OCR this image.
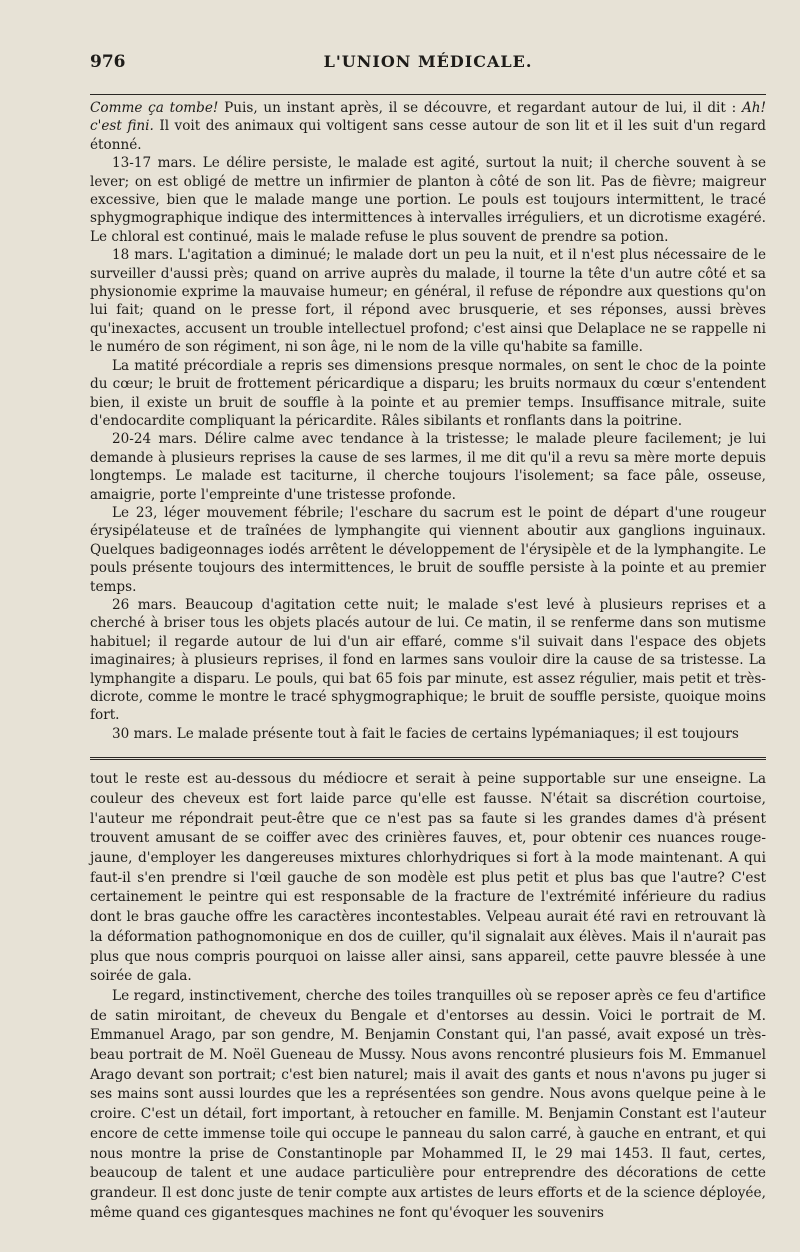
976	L'UNION MÉDICALE.

Comme ça tombe! Puis, un instant après, il se découvre, et regardant autour de lui, il dit : Ah! c'est fini. Il voit des animaux qui voltigent sans cesse autour de son lit et il les suit d'un regard étonné.

13-17 mars. Le délire persiste, le malade est agité, surtout la nuit; il cherche souvent à se lever; on est obligé de mettre un infirmier de planton à côté de son lit. Pas de fièvre; maigreur excessive, bien que le malade mange une portion. Le pouls est toujours intermittent, le tracé sphygmographique indique des intermittences à intervalles irréguliers, et un dicrotisme exagéré. Le chloral est continué, mais le malade refuse le plus souvent de prendre sa potion.

18 mars. L'agitation a diminué; le malade dort un peu la nuit, et il n'est plus nécessaire de le surveiller d'aussi près; quand on arrive auprès du malade, il tourne la tête d'un autre côté et sa physionomie exprime la mauvaise humeur; en général, il refuse de répondre aux questions qu'on lui fait; quand on le presse fort, il répond avec brusquerie, et ses réponses, aussi brèves qu'inexactes, accusent un trouble intellectuel profond; c'est ainsi que Delaplace ne se rappelle ni le numéro de son régiment, ni son âge, ni le nom de la ville qu'habite sa famille.

La matité précordiale a repris ses dimensions presque normales, on sent le choc de la pointe du cœur; le bruit de frottement péricardique a disparu; les bruits normaux du cœur s'entendent bien, il existe un bruit de souffle à la pointe et au premier temps. Insuffisance mitrale, suite d'endocardite compliquant la péricardite. Râles sibilants et ronflants dans la poitrine.

20-24 mars. Délire calme avec tendance à la tristesse; le malade pleure facilement; je lui demande à plusieurs reprises la cause de ses larmes, il me dit qu'il a revu sa mère morte depuis longtemps. Le malade est taciturne, il cherche toujours l'isolement; sa face pâle, osseuse, amaigrie, porte l'empreinte d'une tristesse profonde.

Le 23, léger mouvement fébrile; l'eschare du sacrum est le point de départ d'une rougeur érysipélateuse et de traînées de lymphangite qui viennent aboutir aux ganglions inguinaux. Quelques badigeonnages iodés arrêtent le développement de l'érysipèle et de la lymphangite. Le pouls présente toujours des intermittences, le bruit de souffle persiste à la pointe et au premier temps.

26 mars. Beaucoup d'agitation cette nuit; le malade s'est levé à plusieurs reprises et a cherché à briser tous les objets placés autour de lui. Ce matin, il se renferme dans son mutisme habituel; il regarde autour de lui d'un air effaré, comme s'il suivait dans l'espace des objets imaginaires; à plusieurs reprises, il fond en larmes sans vouloir dire la cause de sa tristesse. La lymphangite a disparu. Le pouls, qui bat 65 fois par minute, est assez régulier, mais petit et très-dicrote, comme le montre le tracé sphygmographique; le bruit de souffle persiste, quoique moins fort.

30 mars. Le malade présente tout à fait le facies de certains lypémaniaques; il est toujours

tout le reste est au-dessous du médiocre et serait à peine supportable sur une enseigne. La couleur des cheveux est fort laide parce qu'elle est fausse. N'était sa discrétion courtoise, l'auteur me répondrait peut-être que ce n'est pas sa faute si les grandes dames d'à présent trouvent amusant de se coiffer avec des crinières fauves, et, pour obtenir ces nuances rouge-jaune, d'employer les dangereuses mixtures chlorhydriques si fort à la mode maintenant. A qui faut-il s'en prendre si l'œil gauche de son modèle est plus petit et plus bas que l'autre? C'est certainement le peintre qui est responsable de la fracture de l'extrémité inférieure du radius dont le bras gauche offre les caractères incontestables. Velpeau aurait été ravi en retrouvant là la déformation pathognomonique en dos de cuiller, qu'il signalait aux élèves. Mais il n'aurait pas plus que nous compris pourquoi on laisse aller ainsi, sans appareil, cette pauvre blessée à une soirée de gala.

Le regard, instinctivement, cherche des toiles tranquilles où se reposer après ce feu d'artifice de satin miroitant, de cheveux du Bengale et d'entorses au dessin. Voici le portrait de M. Emmanuel Arago, par son gendre, M. Benjamin Constant qui, l'an passé, avait exposé un très-beau portrait de M. Noël Gueneau de Mussy. Nous avons rencontré plusieurs fois M. Emmanuel Arago devant son portrait; c'est bien naturel; mais il avait des gants et nous n'avons pu juger si ses mains sont aussi lourdes que les a représentées son gendre. Nous avons quelque peine à le croire. C'est un détail, fort important, à retoucher en famille. M. Benjamin Constant est l'auteur encore de cette immense toile qui occupe le panneau du salon carré, à gauche en entrant, et qui nous montre la prise de Constantinople par Mohammed II, le 29 mai 1453. Il faut, certes, beaucoup de talent et une audace particulière pour entreprendre des décorations de cette grandeur. Il est donc juste de tenir compte aux artistes de leurs efforts et de la science déployée, même quand ces gigantesques machines ne font qu'évoquer les souvenirs
